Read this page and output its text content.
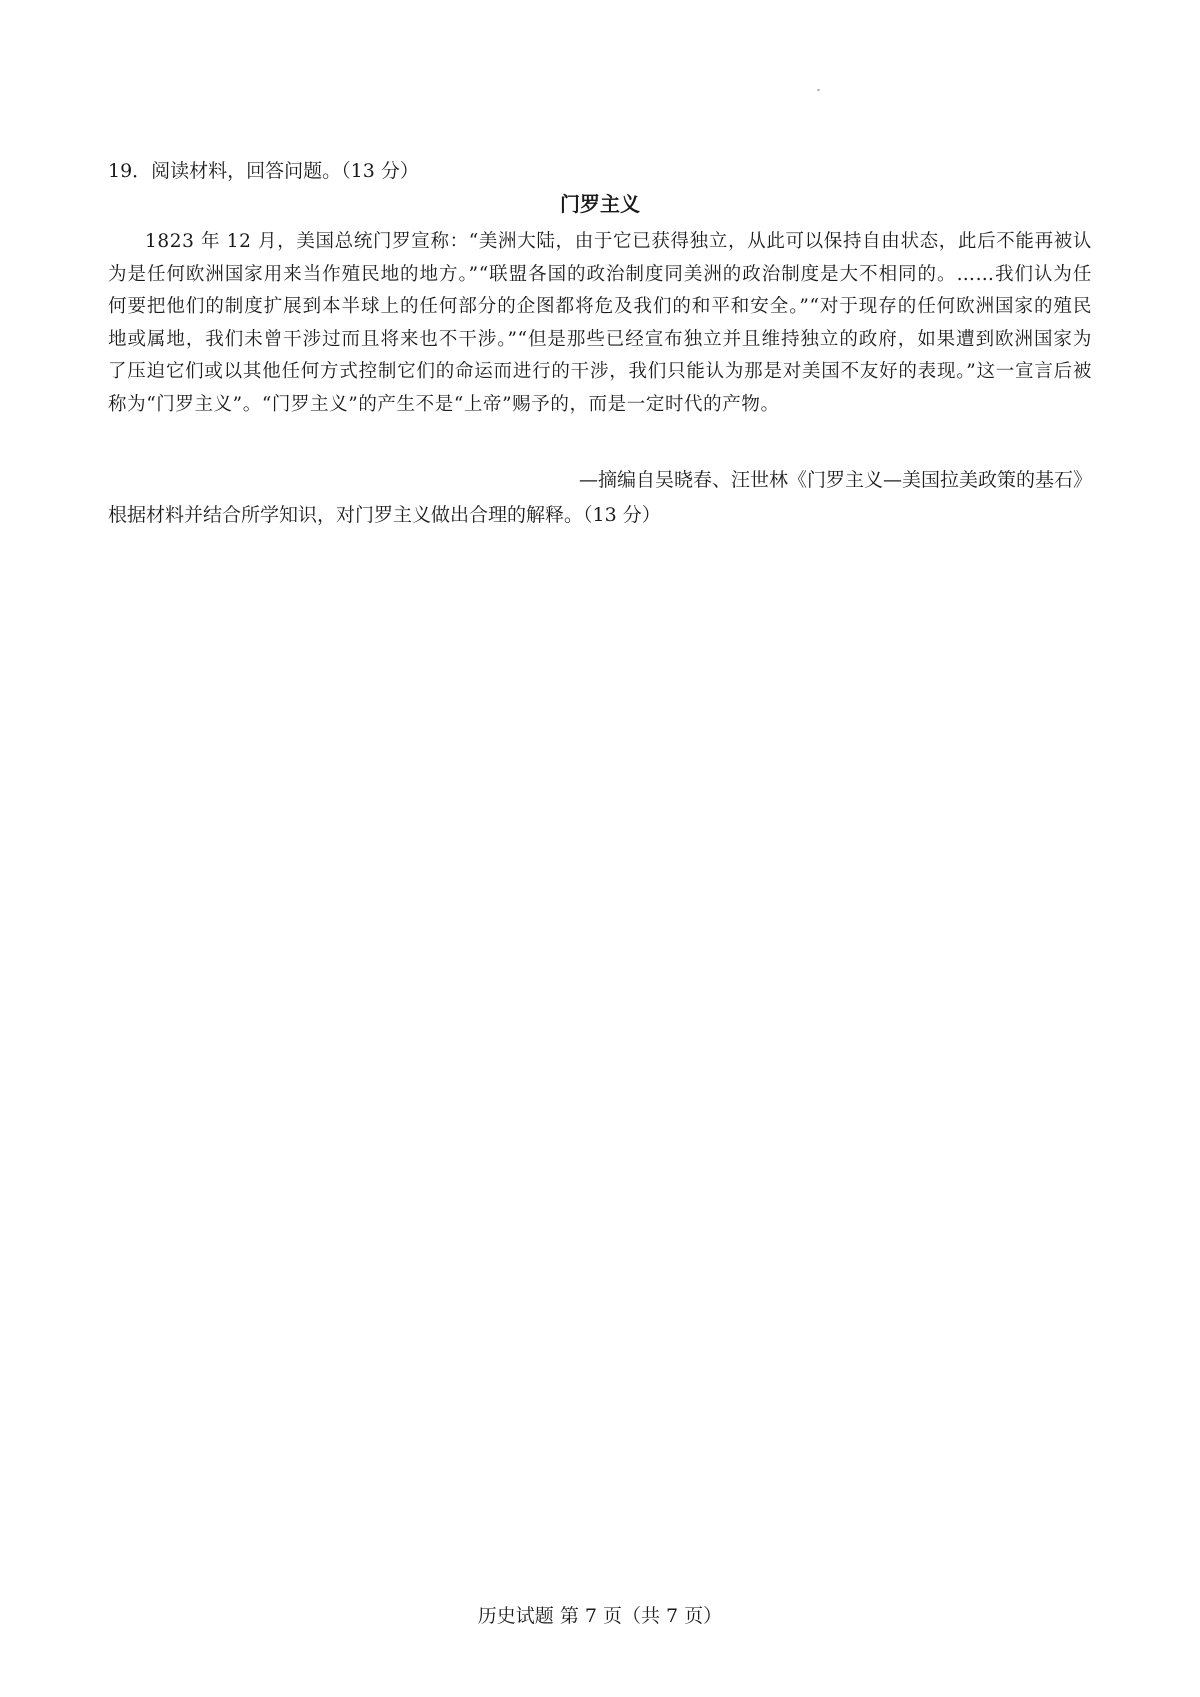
19．阅读材料，回答问题。（13 分）
门罗主义

1823 年 12 月，美国总统门罗宣称：“美洲大陆，由于它已获得独立，从此可以保持自由状态，此后不能再被认为是任何欧洲国家用来当作殖民地的地方。”“联盟各国的政治制度同美洲的政治制度是大不相同的。……我们认为任何要把他们的制度扩展到本半球上的任何部分的企图都将危及我们的和平和安全。”“对于现存的任何欧洲国家的殖民地或属地，我们未曾干涉过而且将来也不干涉。”“但是那些已经宣布独立并且维持独立的政府，如果遭到欧洲国家为了压迫它们或以其他任何方式控制它们的命运而进行的干涉，我们只能认为那是对美国不友好的表现。”这一宣言后被称为“门罗主义”。“门罗主义”的产生不是“上帝”赐予的，而是一定时代的产物。

—摘编自吴晓春、汪世林《门罗主义—美国拉美政策的基石》
根据材料并结合所学知识，对门罗主义做出合理的解释。（13 分）
历史试题 第 7 页（共 7 页）
